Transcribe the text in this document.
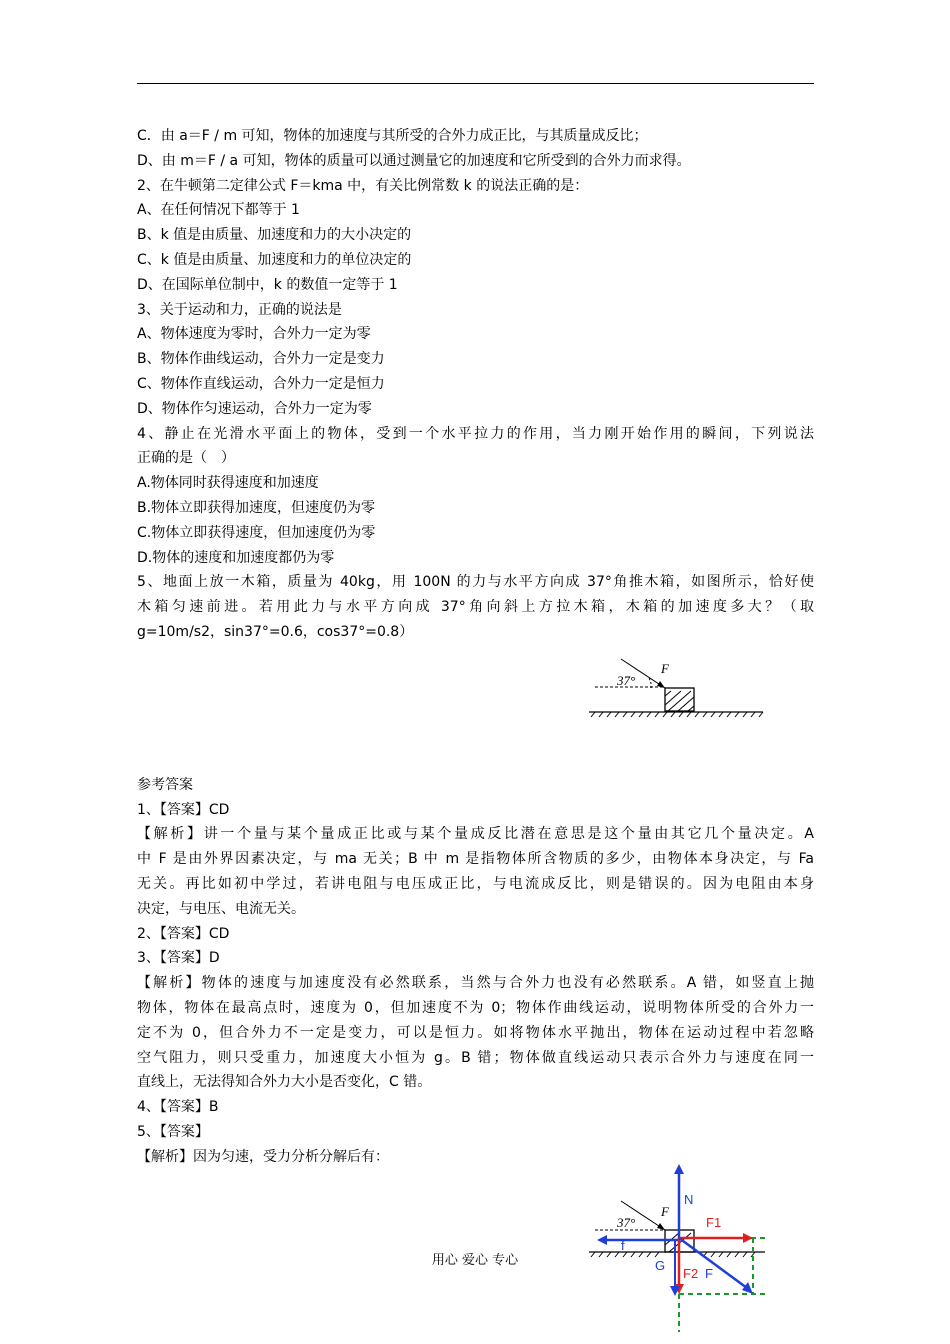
C．由 a＝F / m 可知，物体的加速度与其所受的合外力成正比，与其质量成反比；
D、由 m＝F / a 可知，物体的质量可以通过测量它的加速度和它所受到的合外力而求得。
2、在牛顿第二定律公式 F＝kma 中，有关比例常数 k 的说法正确的是：
A、在任何情况下都等于 1
B、k 值是由质量、加速度和力的大小决定的
C、k 值是由质量、加速度和力的单位决定的
D、在国际单位制中，k 的数值一定等于 1
3、关于运动和力，正确的说法是
A、物体速度为零时，合外力一定为零
B、物体作曲线运动，合外力一定是变力
C、物体作直线运动，合外力一定是恒力
D、物体作匀速运动，合外力一定为零
4、静止在光滑水平面上的物体，受到一个水平拉力的作用，当力刚开始作用的瞬间，下列说法
正确的是（　）
A.物体同时获得速度和加速度
B.物体立即获得加速度，但速度仍为零
C.物体立即获得速度，但加速度仍为零
D.物体的速度和加速度都仍为零
5、地面上放一木箱，质量为 40kg，用 100N 的力与水平方向成 37°角推木箱，如图所示，恰好使
木箱匀速前进。若用此力与水平方向成 37°角向斜上方拉木箱，木箱的加速度多大？（取
g=10m/s2，sin37°=0.6，cos37°=0.8）
参考答案
1、【答案】CD
【解析】讲一个量与某个量成正比或与某个量成反比潜在意思是这个量由其它几个量决定。A
中 F 是由外界因素决定，与 ma 无关；B 中 m 是指物体所含物质的多少，由物体本身决定，与 Fa
无关。再比如初中学过，若讲电阻与电压成正比，与电流成反比，则是错误的。因为电阻由本身
决定，与电压、电流无关。
2、【答案】CD
3、【答案】D
【解析】物体的速度与加速度没有必然联系，当然与合外力也没有必然联系。A 错，如竖直上抛
物体，物体在最高点时，速度为 0，但加速度不为 0；物体作曲线运动，说明物体所受的合外力一
定不为 0，但合外力不一定是变力，可以是恒力。如将物体水平抛出，物体在运动过程中若忽略
空气阻力，则只受重力，加速度大小恒为 g。B 错；物体做直线运动只表示合外力与速度在同一
直线上，无法得知合外力大小是否变化，C 错。
4、【答案】B
5、【答案】
【解析】因为匀速，受力分析分解后有：
37°
F
37°
F
N
f
F1
F2
G
F
用心 爱心 专心
